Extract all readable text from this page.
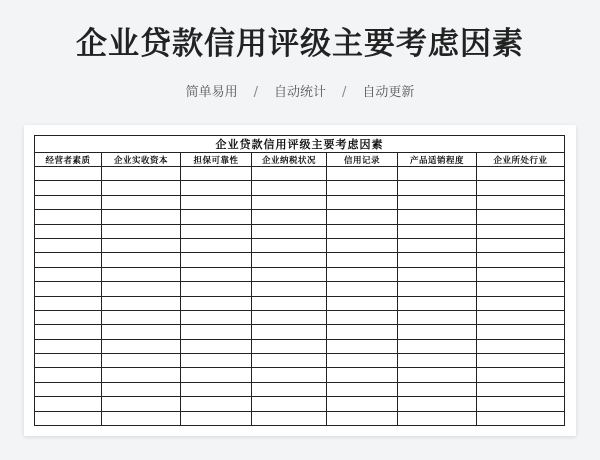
企业贷款信用评级主要考虑因素
简单易用 / 自动统计 / 自动更新
企业贷款信用评级主要考虑因素						
经营者素质	企业实收资本	担保可靠性	企业纳税状况	信用记录	产品适销程度	企业所处行业
